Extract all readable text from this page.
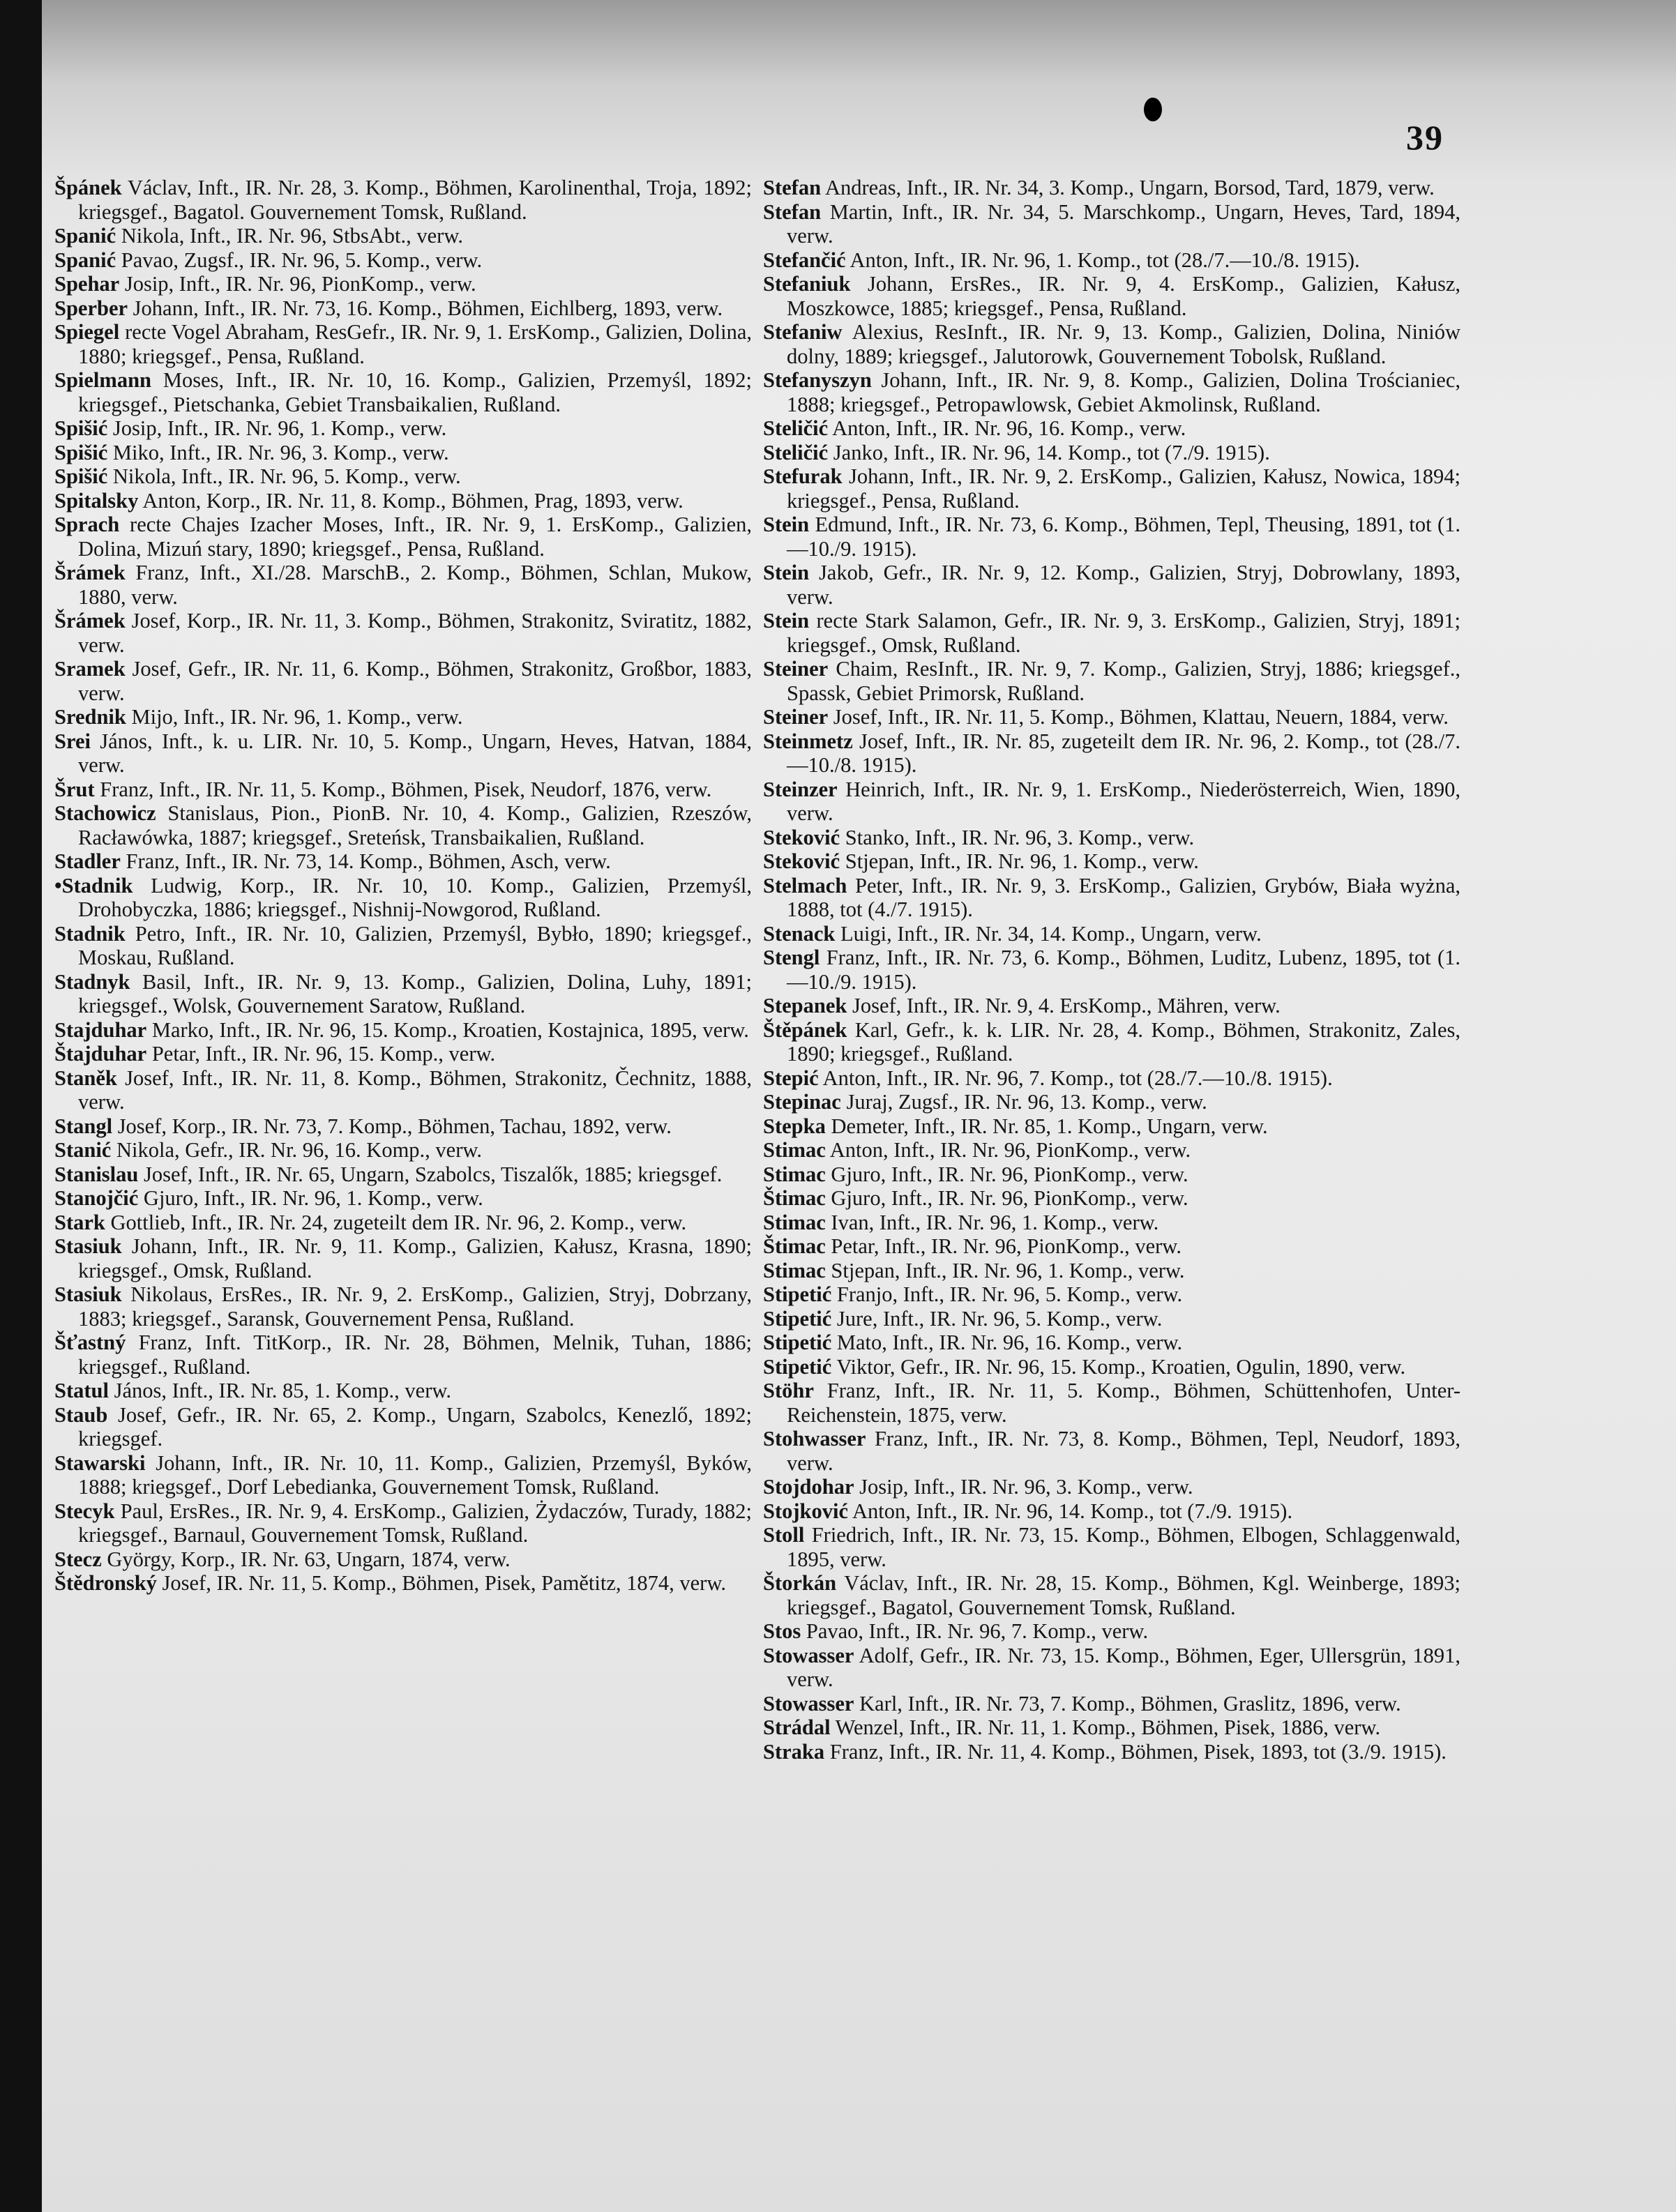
39
Špánek Václav, Inft., IR. Nr. 28, 3. Komp., Böhmen, Karolinenthal, Troja, 1892; kriegsgef., Bagatol. Gouvernement Tomsk, Rußland.
Spanić Nikola, Inft., IR. Nr. 96, StbsAbt., verw.
Spanić Pavao, Zugsf., IR. Nr. 96, 5. Komp., verw.
Spehar Josip, Inft., IR. Nr. 96, PionKomp., verw.
Sperber Johann, Inft., IR. Nr. 73, 16. Komp., Böhmen, Eichlberg, 1893, verw.
Spiegel recte Vogel Abraham, ResGefr., IR. Nr. 9, 1. ErsKomp., Galizien, Dolina, 1880; kriegsgef., Pensa, Rußland.
Spielmann Moses, Inft., IR. Nr. 10, 16. Komp., Galizien, Przemyśl, 1892; kriegsgef., Pietschanka, Gebiet Transbaikalien, Rußland.
Spišić Josip, Inft., IR. Nr. 96, 1. Komp., verw.
Spišić Miko, Inft., IR. Nr. 96, 3. Komp., verw.
Spišić Nikola, Inft., IR. Nr. 96, 5. Komp., verw.
Spitalsky Anton, Korp., IR. Nr. 11, 8. Komp., Böhmen, Prag, 1893, verw.
Sprach recte Chajes Izacher Moses, Inft., IR. Nr. 9, 1. ErsKomp., Galizien, Dolina, Mizuń stary, 1890; kriegsgef., Pensa, Rußland.
Šrámek Franz, Inft., XI./28. MarschB., 2. Komp., Böhmen, Schlan, Mukow, 1880, verw.
Šrámek Josef, Korp., IR. Nr. 11, 3. Komp., Böhmen, Strakonitz, Sviratitz, 1882, verw.
Sramek Josef, Gefr., IR. Nr. 11, 6. Komp., Böhmen, Strakonitz, Großbor, 1883, verw.
Srednik Mijo, Inft., IR. Nr. 96, 1. Komp., verw.
Srei János, Inft., k. u. LIR. Nr. 10, 5. Komp., Ungarn, Heves, Hatvan, 1884, verw.
Šrut Franz, Inft., IR. Nr. 11, 5. Komp., Böhmen, Pisek, Neudorf, 1876, verw.
Stachowicz Stanislaus, Pion., PionB. Nr. 10, 4. Komp., Galizien, Rzeszów, Racławówka, 1887; kriegsgef., Sreteńsk, Transbaikalien, Rußland.
Stadler Franz, Inft., IR. Nr. 73, 14. Komp., Böhmen, Asch, verw.
•Stadnik Ludwig, Korp., IR. Nr. 10, 10. Komp., Galizien, Przemyśl, Drohobyczka, 1886; kriegsgef., Nishnij-Nowgorod, Rußland.
Stadnik Petro, Inft., IR. Nr. 10, Galizien, Przemyśl, Bybło, 1890; kriegsgef., Moskau, Rußland.
Stadnyk Basil, Inft., IR. Nr. 9, 13. Komp., Galizien, Dolina, Luhy, 1891; kriegsgef., Wolsk, Gouvernement Saratow, Rußland.
Stajduhar Marko, Inft., IR. Nr. 96, 15. Komp., Kroatien, Kostajnica, 1895, verw.
Štajduhar Petar, Inft., IR. Nr. 96, 15. Komp., verw.
Staněk Josef, Inft., IR. Nr. 11, 8. Komp., Böhmen, Strakonitz, Čechnitz, 1888, verw.
Stangl Josef, Korp., IR. Nr. 73, 7. Komp., Böhmen, Tachau, 1892, verw.
Stanić Nikola, Gefr., IR. Nr. 96, 16. Komp., verw.
Stanislau Josef, Inft., IR. Nr. 65, Ungarn, Szabolcs, Tiszalők, 1885; kriegsgef.
Stanojčić Gjuro, Inft., IR. Nr. 96, 1. Komp., verw.
Stark Gottlieb, Inft., IR. Nr. 24, zugeteilt dem IR. Nr. 96, 2. Komp., verw.
Stasiuk Johann, Inft., IR. Nr. 9, 11. Komp., Galizien, Kałusz, Krasna, 1890; kriegsgef., Omsk, Rußland.
Stasiuk Nikolaus, ErsRes., IR. Nr. 9, 2. ErsKomp., Galizien, Stryj, Dobrzany, 1883; kriegsgef., Saransk, Gouvernement Pensa, Rußland.
Šťastný Franz, Inft. TitKorp., IR. Nr. 28, Böhmen, Melnik, Tuhan, 1886; kriegsgef., Rußland.
Statul János, Inft., IR. Nr. 85, 1. Komp., verw.
Staub Josef, Gefr., IR. Nr. 65, 2. Komp., Ungarn, Szabolcs, Kenezlő, 1892; kriegsgef.
Stawarski Johann, Inft., IR. Nr. 10, 11. Komp., Galizien, Przemyśl, Byków, 1888; kriegsgef., Dorf Lebedianka, Gouvernement Tomsk, Rußland.
Stecyk Paul, ErsRes., IR. Nr. 9, 4. ErsKomp., Galizien, Żydaczów, Turady, 1882; kriegsgef., Barnaul, Gouvernement Tomsk, Rußland.
Stecz György, Korp., IR. Nr. 63, Ungarn, 1874, verw.
Štědronský Josef, IR. Nr. 11, 5. Komp., Böhmen, Pisek, Pamětitz, 1874, verw.
Stefan Andreas, Inft., IR. Nr. 34, 3. Komp., Ungarn, Borsod, Tard, 1879, verw.
Stefan Martin, Inft., IR. Nr. 34, 5. Marschkomp., Ungarn, Heves, Tard, 1894, verw.
Stefančić Anton, Inft., IR. Nr. 96, 1. Komp., tot (28./7.—10./8. 1915).
Stefaniuk Johann, ErsRes., IR. Nr. 9, 4. ErsKomp., Galizien, Kałusz, Moszkowce, 1885; kriegsgef., Pensa, Rußland.
Stefaniw Alexius, ResInft., IR. Nr. 9, 13. Komp., Galizien, Dolina, Niniów dolny, 1889; kriegsgef., Jalutorowk, Gouvernement Tobolsk, Rußland.
Stefanyszyn Johann, Inft., IR. Nr. 9, 8. Komp., Galizien, Dolina Trościaniec, 1888; kriegsgef., Petropawlowsk, Gebiet Akmolinsk, Rußland.
Steličić Anton, Inft., IR. Nr. 96, 16. Komp., verw.
Steličić Janko, Inft., IR. Nr. 96, 14. Komp., tot (7./9. 1915).
Stefurak Johann, Inft., IR. Nr. 9, 2. ErsKomp., Galizien, Kałusz, Nowica, 1894; kriegsgef., Pensa, Rußland.
Stein Edmund, Inft., IR. Nr. 73, 6. Komp., Böhmen, Tepl, Theusing, 1891, tot (1.—10./9. 1915).
Stein Jakob, Gefr., IR. Nr. 9, 12. Komp., Galizien, Stryj, Dobrowlany, 1893, verw.
Stein recte Stark Salamon, Gefr., IR. Nr. 9, 3. ErsKomp., Galizien, Stryj, 1891; kriegsgef., Omsk, Rußland.
Steiner Chaim, ResInft., IR. Nr. 9, 7. Komp., Galizien, Stryj, 1886; kriegsgef., Spassk, Gebiet Primorsk, Rußland.
Steiner Josef, Inft., IR. Nr. 11, 5. Komp., Böhmen, Klattau, Neuern, 1884, verw.
Steinmetz Josef, Inft., IR. Nr. 85, zugeteilt dem IR. Nr. 96, 2. Komp., tot (28./7.—10./8. 1915).
Steinzer Heinrich, Inft., IR. Nr. 9, 1. ErsKomp., Niederösterreich, Wien, 1890, verw.
Steković Stanko, Inft., IR. Nr. 96, 3. Komp., verw.
Steković Stjepan, Inft., IR. Nr. 96, 1. Komp., verw.
Stelmach Peter, Inft., IR. Nr. 9, 3. ErsKomp., Galizien, Grybów, Biała wyżna, 1888, tot (4./7. 1915).
Stenack Luigi, Inft., IR. Nr. 34, 14. Komp., Ungarn, verw.
Stengl Franz, Inft., IR. Nr. 73, 6. Komp., Böhmen, Luditz, Lubenz, 1895, tot (1.—10./9. 1915).
Stepanek Josef, Inft., IR. Nr. 9, 4. ErsKomp., Mähren, verw.
Štěpánek Karl, Gefr., k. k. LIR. Nr. 28, 4. Komp., Böhmen, Strakonitz, Zales, 1890; kriegsgef., Rußland.
Stepić Anton, Inft., IR. Nr. 96, 7. Komp., tot (28./7.—10./8. 1915).
Stepinac Juraj, Zugsf., IR. Nr. 96, 13. Komp., verw.
Stepka Demeter, Inft., IR. Nr. 85, 1. Komp., Ungarn, verw.
Stimac Anton, Inft., IR. Nr. 96, PionKomp., verw.
Stimac Gjuro, Inft., IR. Nr. 96, PionKomp., verw.
Štimac Gjuro, Inft., IR. Nr. 96, PionKomp., verw.
Stimac Ivan, Inft., IR. Nr. 96, 1. Komp., verw.
Štimac Petar, Inft., IR. Nr. 96, PionKomp., verw.
Stimac Stjepan, Inft., IR. Nr. 96, 1. Komp., verw.
Stipetić Franjo, Inft., IR. Nr. 96, 5. Komp., verw.
Stipetić Jure, Inft., IR. Nr. 96, 5. Komp., verw.
Stipetić Mato, Inft., IR. Nr. 96, 16. Komp., verw.
Stipetić Viktor, Gefr., IR. Nr. 96, 15. Komp., Kroatien, Ogulin, 1890, verw.
Stöhr Franz, Inft., IR. Nr. 11, 5. Komp., Böhmen, Schüttenhofen, Unter-Reichenstein, 1875, verw.
Stohwasser Franz, Inft., IR. Nr. 73, 8. Komp., Böhmen, Tepl, Neudorf, 1893, verw.
Stojdohar Josip, Inft., IR. Nr. 96, 3. Komp., verw.
Stojković Anton, Inft., IR. Nr. 96, 14. Komp., tot (7./9. 1915).
Stoll Friedrich, Inft., IR. Nr. 73, 15. Komp., Böhmen, Elbogen, Schlaggenwald, 1895, verw.
Štorkán Václav, Inft., IR. Nr. 28, 15. Komp., Böhmen, Kgl. Weinberge, 1893; kriegsgef., Bagatol, Gouvernement Tomsk, Rußland.
Stos Pavao, Inft., IR. Nr. 96, 7. Komp., verw.
Stowasser Adolf, Gefr., IR. Nr. 73, 15. Komp., Böhmen, Eger, Ullersgrün, 1891, verw.
Stowasser Karl, Inft., IR. Nr. 73, 7. Komp., Böhmen, Graslitz, 1896, verw.
Strádal Wenzel, Inft., IR. Nr. 11, 1. Komp., Böhmen, Pisek, 1886, verw.
Straka Franz, Inft., IR. Nr. 11, 4. Komp., Böhmen, Pisek, 1893, tot (3./9. 1915).
